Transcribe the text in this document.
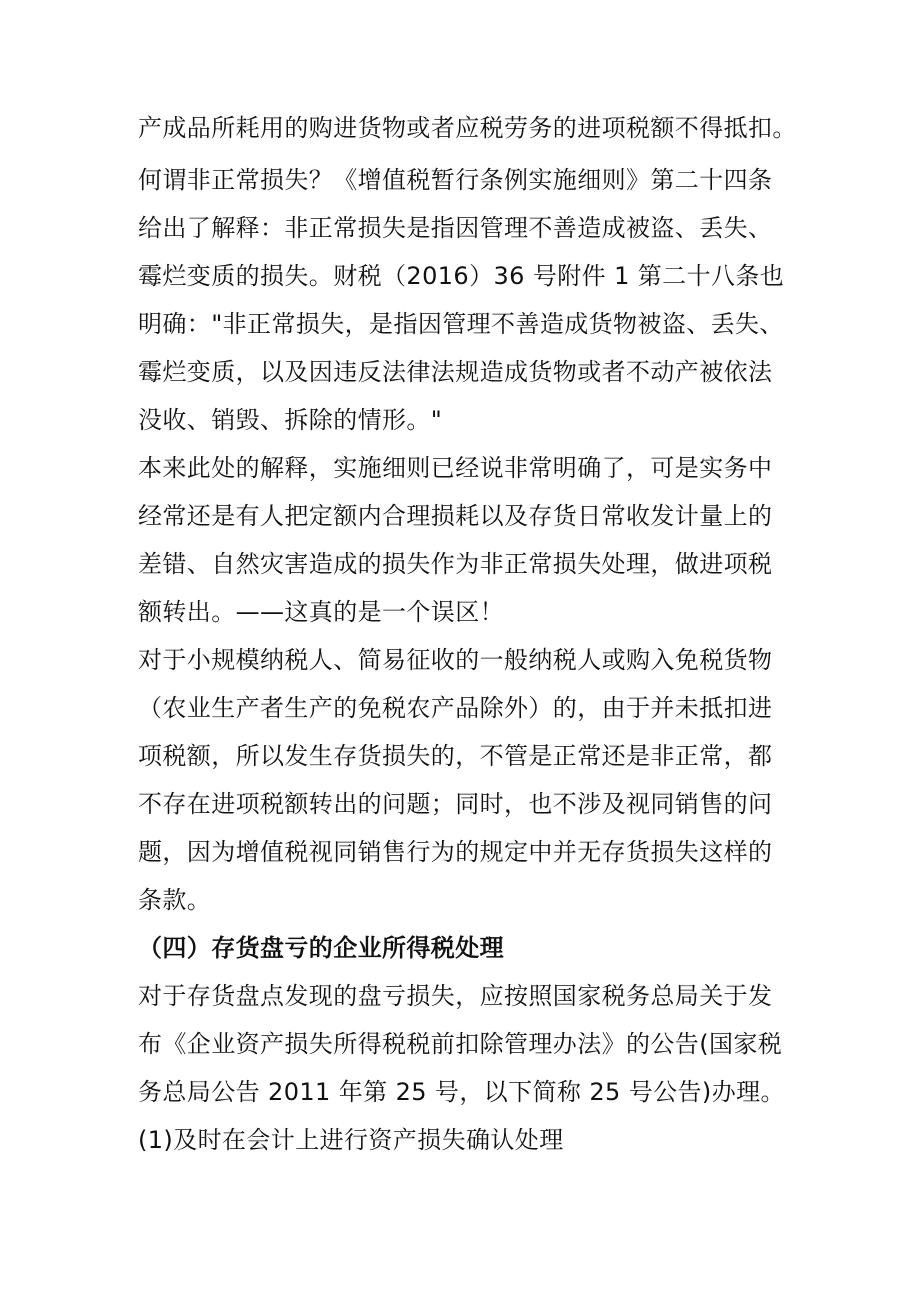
产成品所耗用的购进货物或者应税劳务的进项税额不得抵扣。
何谓非正常损失？《增值税暂行条例实施细则》第二十四条
给出了解释：非正常损失是指因管理不善造成被盗、丢失、
霉烂变质的损失。财税（2016）36 号附件 1 第二十八条也
明确："非正常损失，是指因管理不善造成货物被盗、丢失、
霉烂变质，以及因违反法律法规造成货物或者不动产被依法
没收、销毁、拆除的情形。"
本来此处的解释，实施细则已经说非常明确了，可是实务中
经常还是有人把定额内合理损耗以及存货日常收发计量上的
差错、自然灾害造成的损失作为非正常损失处理，做进项税
额转出。——这真的是一个误区！
对于小规模纳税人、简易征收的一般纳税人或购入免税货物
（农业生产者生产的免税农产品除外）的，由于并未抵扣进
项税额，所以发生存货损失的，不管是正常还是非正常，都
不存在进项税额转出的问题；同时，也不涉及视同销售的问
题，因为增值税视同销售行为的规定中并无存货损失这样的
条款。
（四）存货盘亏的企业所得税处理
对于存货盘点发现的盘亏损失，应按照国家税务总局关于发
布《企业资产损失所得税税前扣除管理办法》的公告(国家税
务总局公告 2011 年第 25 号，以下简称 25 号公告)办理。
(1)及时在会计上进行资产损失确认处理
